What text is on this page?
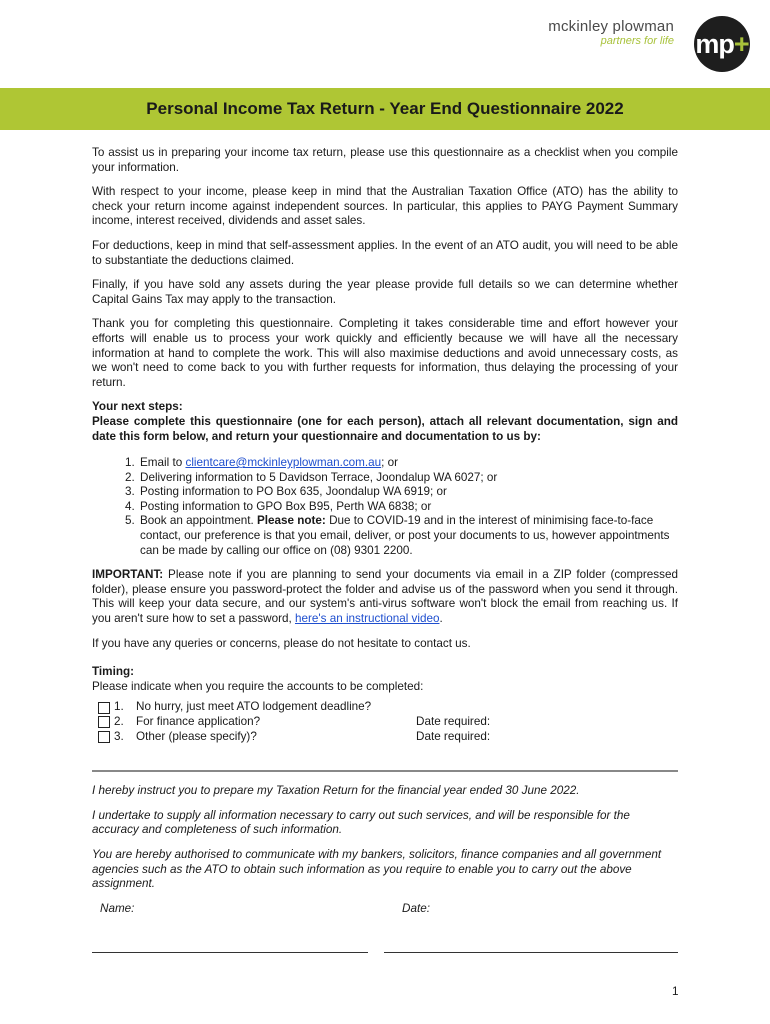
mckinley plowman
partners for life mp +
Personal Income Tax Return - Year End Questionnaire 2022

To assist us in preparing your income tax return, please use this questionnaire as a checklist when you compile your information.

With respect to your income, please keep in mind that the Australian Taxation Office (ATO) has the ability to check your return income against independent sources. In particular, this applies to PAYG Payment Summary income, interest received, dividends and asset sales.

For deductions, keep in mind that self-assessment applies. In the event of an ATO audit, you will need to be able to substantiate the deductions claimed.

Finally, if you have sold any assets during the year please provide full details so we can determine whether Capital Gains Tax may apply to the transaction.

Thank you for completing this questionnaire. Completing it takes considerable time and effort however your efforts will enable us to process your work quickly and efficiently because we will have all the necessary information at hand to complete the work. This will also maximise deductions and avoid unnecessary costs, as we won't need to come back to you with further requests for information, thus delaying the processing of your return.

Your next steps:
Please complete this questionnaire (one for each person), attach all relevant documentation, sign and date this form below, and return your questionnaire and documentation to us by:

1. Email to clientcare@mckinleyplowman.com.au; or
2. Delivering information to 5 Davidson Terrace, Joondalup WA 6027; or
3. Posting information to PO Box 635, Joondalup WA 6919; or
4. Posting information to GPO Box B95, Perth WA 6838; or
5. Book an appointment. Please note: Due to COVID-19 and in the interest of minimising face-to-face contact, our preference is that you email, deliver, or post your documents to us, however appointments can be made by calling our office on (08) 9301 2200.

IMPORTANT: Please note if you are planning to send your documents via email in a ZIP folder (compressed folder), please ensure you password-protect the folder and advise us of the password when you send it through. This will keep your data secure, and our system's anti-virus software won't block the email from reaching us. If you aren't sure how to set a password, here's an instructional video.

If you have any queries or concerns, please do not hesitate to contact us.

Timing:
Please indicate when you require the accounts to be completed:
1.	No hurry, just meet ATO lodgement deadline?
2.	For finance application?	Date required:
3.	Other (please specify)?	Date required:

I hereby instruct you to prepare my Taxation Return for the financial year ended 30 June 2022.

I undertake to supply all information necessary to carry out such services, and will be responsible for the accuracy and completeness of such information.

You are hereby authorised to communicate with my bankers, solicitors, finance companies and all government agencies such as the ATO to obtain such information as you require to enable you to carry out the above assignment.

Name:	Date:
1
